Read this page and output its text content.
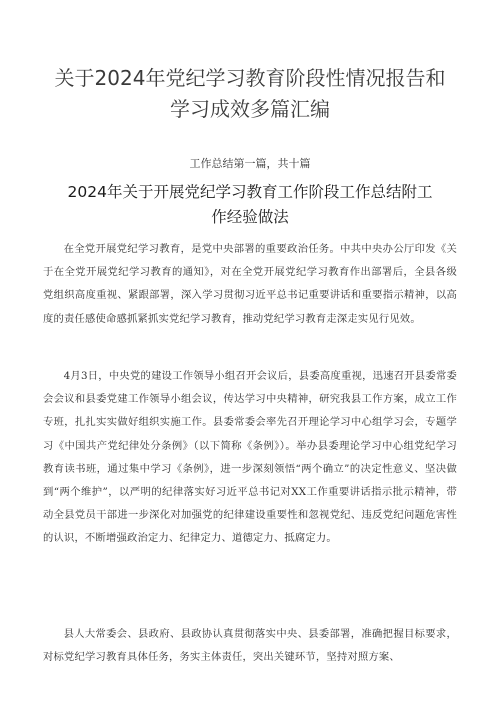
关于2024年党纪学习教育阶段性情况报告和学习成效多篇汇编
工作总结第一篇，共十篇
2024年关于开展党纪学习教育工作阶段工作总结附工作经验做法

在全党开展党纪学习教育，是党中央部署的重要政治任务。中共中央办公厅印发《关于在全党开展党纪学习教育的通知》，对在全党开展党纪学习教育作出部署后，全县各级党组织高度重视、紧跟部署，深入学习贯彻习近平总书记重要讲话和重要指示精神，以高度的责任感使命感抓紧抓实党纪学习教育，推动党纪学习教育走深走实见行见效。

4月3日，中央党的建设工作领导小组召开会议后，县委高度重视，迅速召开县委常委会会议和县委党建工作领导小组会议，传达学习中央精神，研究我县工作方案，成立工作专班，扎扎实实做好组织实施工作。县委常委会率先召开理论学习中心组学习会，专题学习《中国共产党纪律处分条例》（以下简称《条例》）。举办县委理论学习中心组党纪学习教育读书班，通过集中学习《条例》，进一步深刻领悟“两个确立”的决定性意义、坚决做到“两个维护”，以严明的纪律落实好习近平总书记对XX工作重要讲话指示批示精神，带动全县党员干部进一步深化对加强党的纪律建设重要性和忽视党纪、违反党纪问题危害性的认识，不断增强政治定力、纪律定力、道德定力、抵腐定力。

县人大常委会、县政府、县政协认真贯彻落实中央、县委部署，准确把握目标要求，对标党纪学习教育具体任务，务实主体责任，突出关键环节，坚持对照方案、
